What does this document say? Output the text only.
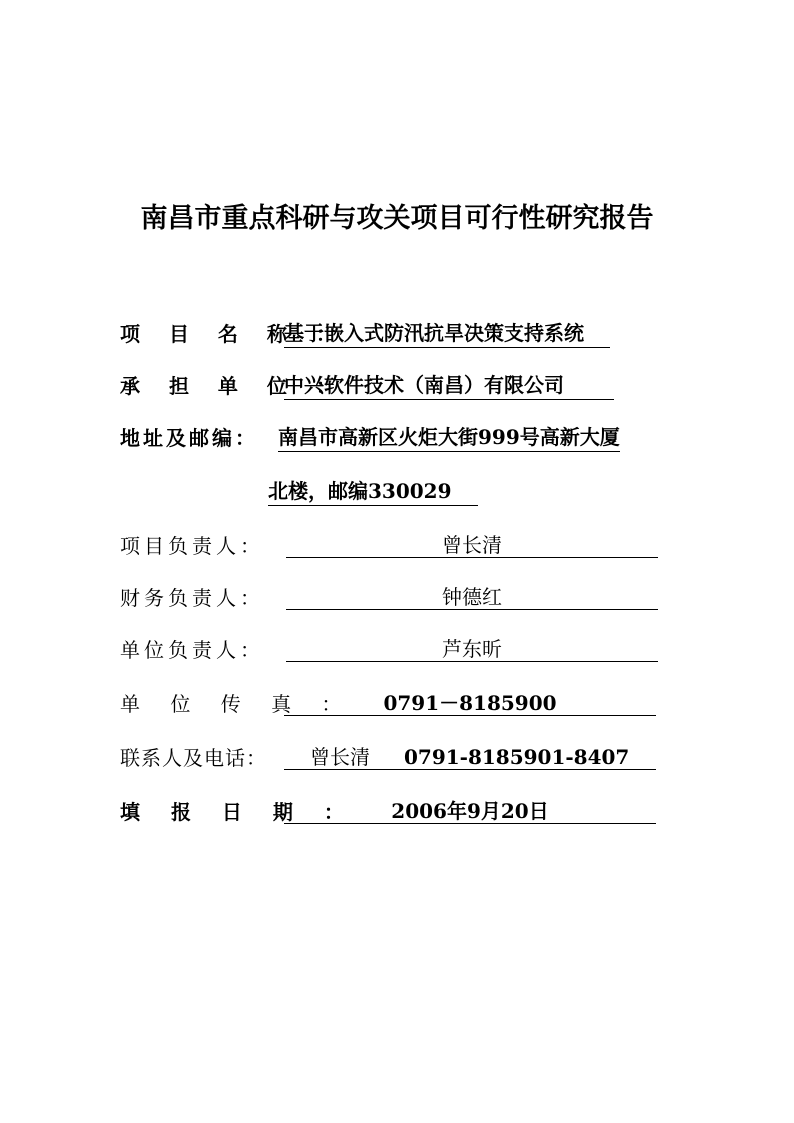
南昌市重点科研与攻关项目可行性研究报告
项 目 名 称 ：
基于嵌入式防汛抗旱决策支持系统
承 担 单 位 ：
中兴软件技术（南昌）有限公司
地址及邮编： 南昌市高新区火炬大街999号高新大厦
北楼，邮编330029
项目负责人：	曾长清
财务负责人：	钟德红
单位负责人：	芦东昕
单 位 传 真 ：	0791－8185900
联系人及电话： 曾长清 0791-8185901-8407
填 报 日 期 ：	2006年9月20日
